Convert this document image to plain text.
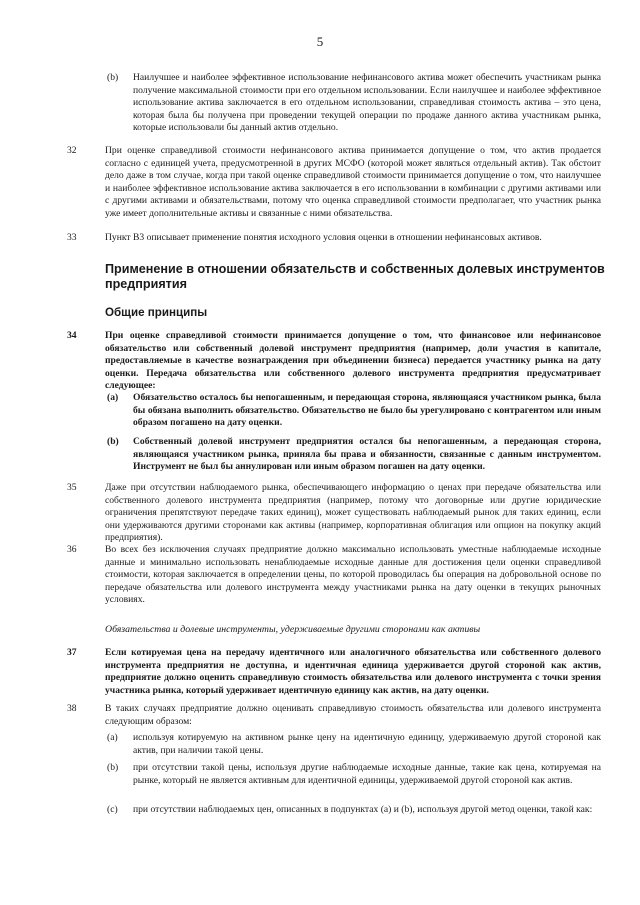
5
(b) Наилучшее и наиболее эффективное использование нефинансового актива может обеспечить участникам рынка получение максимальной стоимости при его отдельном использовании. Если наилучшее и наиболее эффективное использование актива заключается в его отдельном использовании, справедливая стоимость актива – это цена, которая была бы получена при проведении текущей операции по продаже данного актива участникам рынка, которые использовали бы данный актив отдельно.
32	При оценке справедливой стоимости нефинансового актива принимается допущение о том, что актив продается согласно с единицей учета, предусмотренной в других МСФО (которой может являться отдельный актив). Так обстоит дело даже в том случае, когда при такой оценке справедливой стоимости принимается допущение о том, что наилучшее и наиболее эффективное использование актива заключается в его использовании в комбинации с другими активами или с другими активами и обязательствами, потому что оценка справедливой стоимости предполагает, что участник рынка уже имеет дополнительные активы и связанные с ними обязательства.
33	Пункт B3 описывает применение понятия исходного условия оценки в отношении нефинансовых активов.
Применение в отношении обязательств и собственных долевых инструментов предприятия
Общие принципы
34	При оценке справедливой стоимости принимается допущение о том, что финансовое или нефинансовое обязательство или собственный долевой инструмент предприятия (например, доли участия в капитале, предоставляемые в качестве вознаграждения при объединении бизнеса) передается участнику рынка на дату оценки. Передача обязательства или собственного долевого инструмента предприятия предусматривает следующее:
(a) Обязательство осталось бы непогашенным, и передающая сторона, являющаяся участником рынка, была бы обязана выполнить обязательство. Обязательство не было бы урегулировано с контрагентом или иным образом погашено на дату оценки.
(b) Собственный долевой инструмент предприятия остался бы непогашенным, а передающая сторона, являющаяся участником рынка, приняла бы права и обязанности, связанные с данным инструментом. Инструмент не был бы аннулирован или иным образом погашен на дату оценки.
35	Даже при отсутствии наблюдаемого рынка, обеспечивающего информацию о ценах при передаче обязательства или собственного долевого инструмента предприятия (например, потому что договорные или другие юридические ограничения препятствуют передаче таких единиц), может существовать наблюдаемый рынок для таких единиц, если они удерживаются другими сторонами как активы (например, корпоративная облигация или опцион на покупку акций предприятия).
36	Во всех без исключения случаях предприятие должно максимально использовать уместные наблюдаемые исходные данные и минимально использовать ненаблюдаемые исходные данные для достижения цели оценки справедливой стоимости, которая заключается в определении цены, по которой проводилась бы операция на добровольной основе по передаче обязательства или долевого инструмента между участниками рынка на дату оценки в текущих рыночных условиях.
Обязательства и долевые инструменты, удерживаемые другими сторонами как активы
37	Если котируемая цена на передачу идентичного или аналогичного обязательства или собственного долевого инструмента предприятия не доступна, и идентичная единица удерживается другой стороной как актив, предприятие должно оценить справедливую стоимость обязательства или долевого инструмента с точки зрения участника рынка, который удерживает идентичную единицу как актив, на дату оценки.
38	В таких случаях предприятие должно оценивать справедливую стоимость обязательства или долевого инструмента следующим образом:
(a) используя котируемую на активном рынке цену на идентичную единицу, удерживаемую другой стороной как актив, при наличии такой цены.
(b) при отсутствии такой цены, используя другие наблюдаемые исходные данные, такие как цена, котируемая на рынке, который не является активным для идентичной единицы, удерживаемой другой стороной как актив.
(c) при отсутствии наблюдаемых цен, описанных в подпунктах (a) и (b), используя другой метод оценки, такой как:
